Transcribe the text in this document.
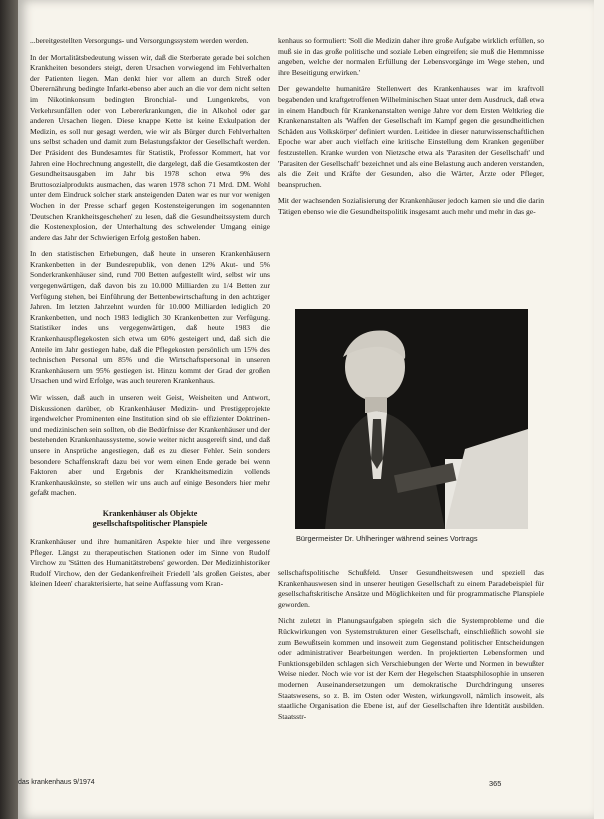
...bereitgestellten Versorgungs- und Versorgungssystem werden werden.

In der Mortalitätsbedeutung wissen wir, daß die Sterberate gerade bei solchen Krankheiten besonders steigt, deren Ursachen vorwiegend im Fehlverhalten der Patienten liegen. Man denkt hier vor allem an durch Streß oder Überernährung bedingte Infarkt-ebenso aber auch an die vor dem nicht selten im Nikotinkonsum bedingten Bronchial- und Lungenkrebs, von Verkehrsunfällen oder von Lebererkrankungen, die in Alkohol oder gar anderen Ursachen liegen. Diese knappe Kette ist keine Exkulpation der Medizin, es soll nur gesagt werden, wie wir als Bürger durch Fehlverhalten uns selbst schaden und damit zum Belastungsfaktor der Gesellschaft werden. Der Präsident des Bundesamtes für Statistik, Professor Kommert, hat vor Jahren eine Hochrechnung angestellt, die dargelegt, daß die Gesamtkosten der Gesundheitsausgaben im Jahr bis 1978 schon etwa 9% des Bruttosozialprodukts ausmachen, das waren 1978 schon 71 Mrd. DM. Wohl unter dem Eindruck solcher stark ansteigenden Daten war es nur vor wenigen Wochen in der Presse scharf gegen Kostensteigerungen im sogenannten 'Deutschen Krankheitsgeschehen' zu lesen, daß die Gesundheitssystem durch die Kostenexplosion, der Unterhaltung des schwelender Umgang einige andere das Jahr der Schwierigen Erfolg gestoßen haben.

In den statistischen Erhebungen, daß heute in unseren Krankenhäusern Krankenbetten in der Bundesrepublik, von denen 12% Akut- und 5% Sonderkrankenhäuser sind, rund 700 Betten aufgestellt wird, selbst wir uns vergegenwärtigen, daß davon bis zu 10.000 Milliarden zu 1/4 Betten zur Verfügung stehen, bei Einführung der Bettenbewirtschaftung in den achtziger Jahren. Im letzten Jahrzehnt wurden für 10.000 Milliarden lediglich 20 Krankenbetten, und noch 1983 lediglich 30 Krankenbetten zur Verfügung. Statistiker indes uns vergegenwärtigen, daß heute 1983 die Krankenhauspflegekosten sich etwa um 60% gesteigert und, daß sich die Anteile im Jahr gestiegen habe, daß die Pflegekosten persönlich um 15% des technischen Personal um 85% und die Wirtschaftspersonal in unseren Krankenhäusern um 95% gestiegen ist. Hinzu kommt der Grad der großen Ursachen und wird Erfolge, was auch teureren Krankenhaus.

Wir wissen, daß auch in unseren weit Geist, Weisheiten und Antwort, Diskussionen darüber, ob Krankenhäuser Medizin- und Prestigeprojekte irgendwelcher Prominenten eine Institution sind ob sie effizienter Doktrinen- und medizinischen sein sollten, ob die Bedürfnisse der Krankenhäuser und der bestehenden Krankenhaussysteme, sowie weiter nicht ausgereift sind, und daß unsere in Ansprüche angestiegen, daß es zu dieser Fehler. Sein sonders besondere Schaffenskraft dazu bei vor wem einen Ende gerade bei wenn Faktoren aber und Ergebnis der Krankheitsmedizin vollends Krankenhauskünste, so stellen wir uns auch auf einige Besonders hier mehr gefaßt machen.

Krankenhäuser als Objekte
gesellschaftspolitischer Planspiele

Krankenhäuser und ihre humanitären Aspekte hier und ihre vergessene Pfleger. Längst zu therapeutischen Stationen oder im Sinne von Rudolf Virchow zu 'Stätten des Humanitätstrebens' geworden. Der Medizinhistoriker Rudolf Virchow, den der Gedankenfreiheit Friedell 'als großen Geistes, aber kleinen Ideen' charakterisierte, hat seine Auffassung vom Kran-

kenhaus so formuliert: 'Soll die Medizin daher ihre große Aufgabe wirklich erfüllen, so muß sie in das große politische und soziale Leben eingreifen; sie muß die Hemmnisse angeben, welche der normalen Erfüllung der Lebensvorgänge im Wege stehen, und ihre Beseitigung erwirken.'

Der gewandelte humanitäre Stellenwert des Krankenhauses war im kraftvoll begabenden und kraftgetroffenen Wilhelminischen Staat unter dem Ausdruck, daß etwa in einem Handbuch für Krankenanstalten wenige Jahre vor dem Ersten Weltkrieg die Krankenanstalten als 'Waffen der Gesellschaft im Kampf gegen die gesundheitlichen Schäden aus Volkskörper' definiert wurden. Leitidee in dieser naturwissenschaftlichen Epoche war aber auch vielfach eine kritische Einstellung dem Kranken gegenüber festzustellen. Kranke wurden von Nietzsche etwa als 'Parasiten der Gesellschaft' und 'Parasiten der Gesellschaft' bezeichnet und als eine Belastung auch anderen verstanden, als die Zeit und Kräfte der Gesunden, also die Wärter, Ärzte oder Pfleger, beanspruchen.

Mit der wachsenden Sozialisierung der Krankenhäuser jedoch kamen sie und die darin Tätigen ebenso wie die Gesundheitspolitik insgesamt auch mehr und mehr in das ge-

Bürgermeister Dr. Uhlheringer während seines Vortrags

sellschaftspolitische Schußfeld. Unser Gesundheitswesen und speziell das Krankenhauswesen sind in unserer heutigen Gesellschaft zu einem Paradebeispiel für gesellschaftskritische Ansätze und Möglichkeiten und für programmatische Planspiele geworden.

Nicht zuletzt in Planungsaufgaben spiegeln sich die Systemprobleme und die Rückwirkungen von Systemstrukturen einer Gesellschaft, einschließlich sowohl sie zum Bewußtsein kommen und insoweit zum Gegenstand politischer Entscheidungen oder administrativer Bearbeitungen werden. In projektierten Lebensformen und Funktionsgebilden schlagen sich Verschiebungen der Werte und Normen in bewußter Weise nieder. Noch wie vor ist der Kern der Hegelschen Staatsphilosophie in unseren modernen Auseinandersetzungen um demokratische Durchdringung unseres Staatswesens, so z. B. im Osten oder Westen, wirkungsvoll, nämlich insoweit, als staatliche Organisation die Ebene ist, auf der Gesellschaften ihre Identität ausbilden. Staatsstr-

das krankenhaus 9/1974	365
